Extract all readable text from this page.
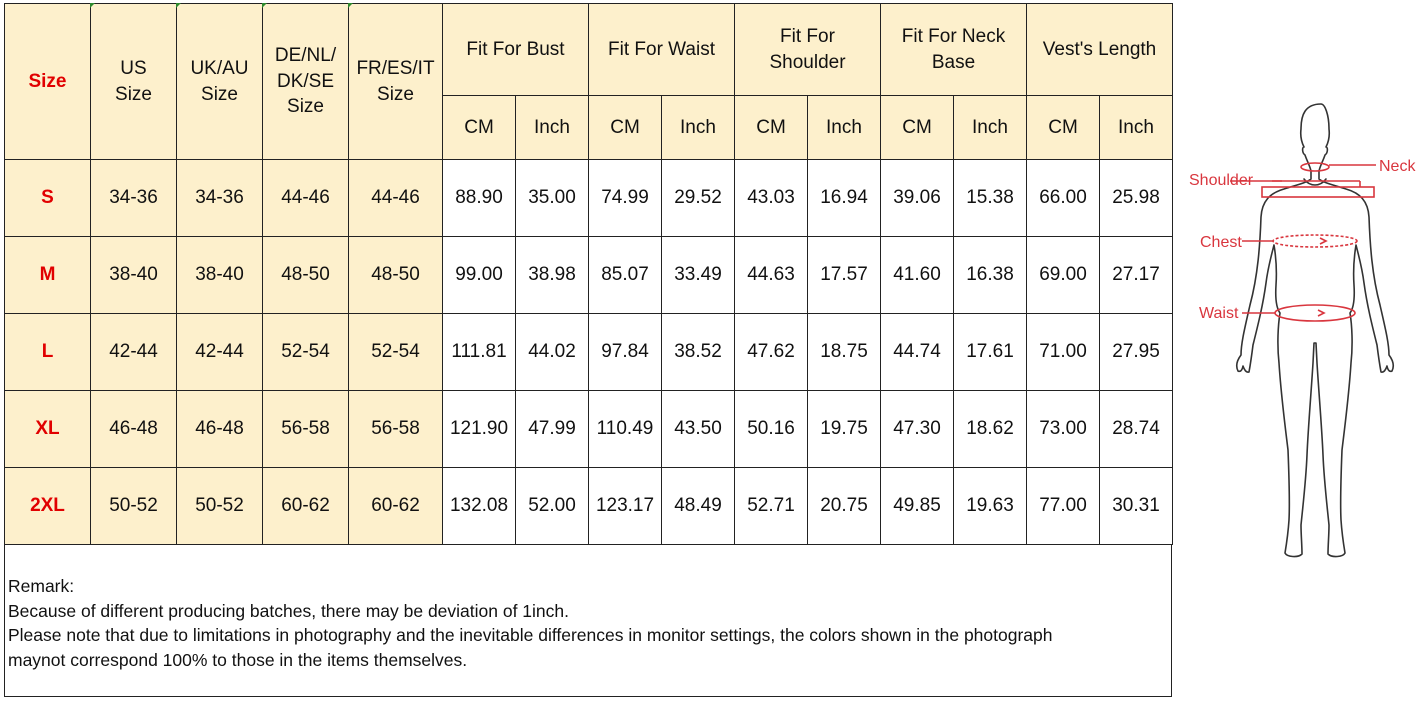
Size	US Size	UK/AU Size	DE/NL/ DK/SE Size	FR/ES/IT Size	Fit For Bust		Fit For Waist		Fit For Shoulder		Fit For Neck Base		Vest's Length	

					CM	Inch	CM	Inch	CM	Inch	CM	Inch	CM	Inch
S	34-36	34-36	44-46	44-46	88.90	35.00	74.99	29.52	43.03	16.94	39.06	15.38	66.00	25.98
M	38-40	38-40	48-50	48-50	99.00	38.98	85.07	33.49	44.63	17.57	41.60	16.38	69.00	27.17
L	42-44	42-44	52-54	52-54	111.81	44.02	97.84	38.52	47.62	18.75	44.74	17.61	71.00	27.95
XL	46-48	46-48	56-58	56-58	121.90	47.99	110.49	43.50	50.16	19.75	47.30	18.62	73.00	28.74
2XL	50-52	50-52	60-62	60-62	132.08	52.00	123.17	48.49	52.71	20.75	49.85	19.63	77.00	30.31
Remark:
Because of different producing batches, there may be deviation of 1inch.
Please note that due to limitations in photography and the inevitable differences in monitor settings, the colors shown in the photograph
maynot correspond 100% to those in the items themselves.
Neck
Shoulder
Chest
Waist
